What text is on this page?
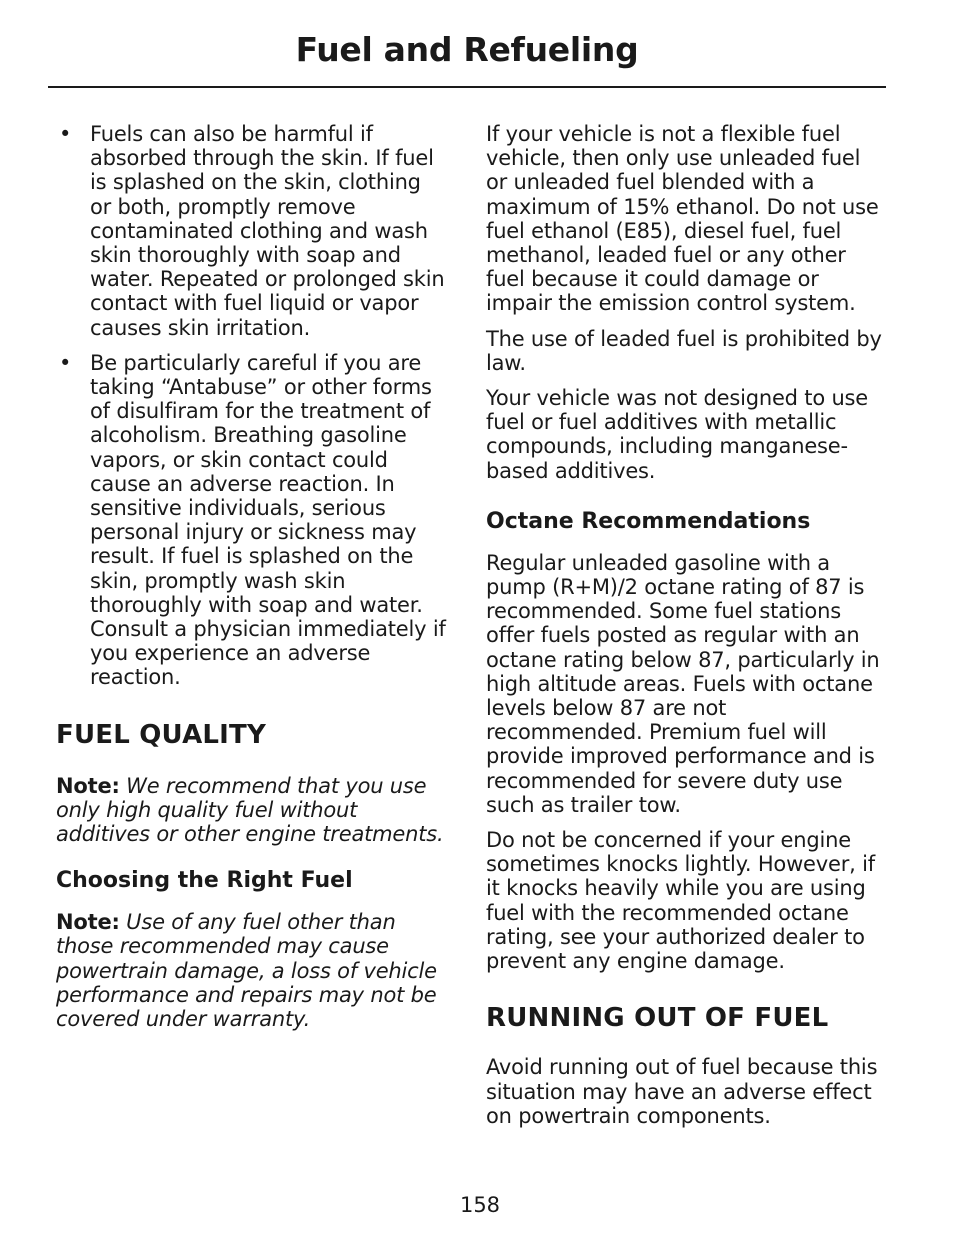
Fuel and Refueling
• Fuels can also be harmful if absorbed through the skin. If fuel is splashed on the skin, clothing or both, promptly remove contaminated clothing and wash skin thoroughly with soap and water. Repeated or prolonged skin contact with fuel liquid or vapor causes skin irritation.
• Be particularly careful if you are taking “Antabuse” or other forms of disulfiram for the treatment of alcoholism. Breathing gasoline vapors, or skin contact could cause an adverse reaction. In sensitive individuals, serious personal injury or sickness may result. If fuel is splashed on the skin, promptly wash skin thoroughly with soap and water. Consult a physician immediately if you experience an adverse reaction.
FUEL QUALITY

Note: We recommend that you use only high quality fuel without additives or other engine treatments.

Choosing the Right Fuel

Note: Use of any fuel other than those recommended may cause powertrain damage, a loss of vehicle performance and repairs may not be covered under warranty.

If your vehicle is not a flexible fuel vehicle, then only use unleaded fuel or unleaded fuel blended with a maximum of 15% ethanol. Do not use fuel ethanol (E85), diesel fuel, fuel methanol, leaded fuel or any other fuel because it could damage or impair the emission control system.

The use of leaded fuel is prohibited by law.

Your vehicle was not designed to use fuel or fuel additives with metallic compounds, including manganese-based additives.

Octane Recommendations

Regular unleaded gasoline with a pump (R+M)/2 octane rating of 87 is recommended. Some fuel stations offer fuels posted as regular with an octane rating below 87, particularly in high altitude areas. Fuels with octane levels below 87 are not recommended. Premium fuel will provide improved performance and is recommended for severe duty use such as trailer tow.

Do not be concerned if your engine sometimes knocks lightly. However, if it knocks heavily while you are using fuel with the recommended octane rating, see your authorized dealer to prevent any engine damage.

RUNNING OUT OF FUEL

Avoid running out of fuel because this situation may have an adverse effect on powertrain components.

158
